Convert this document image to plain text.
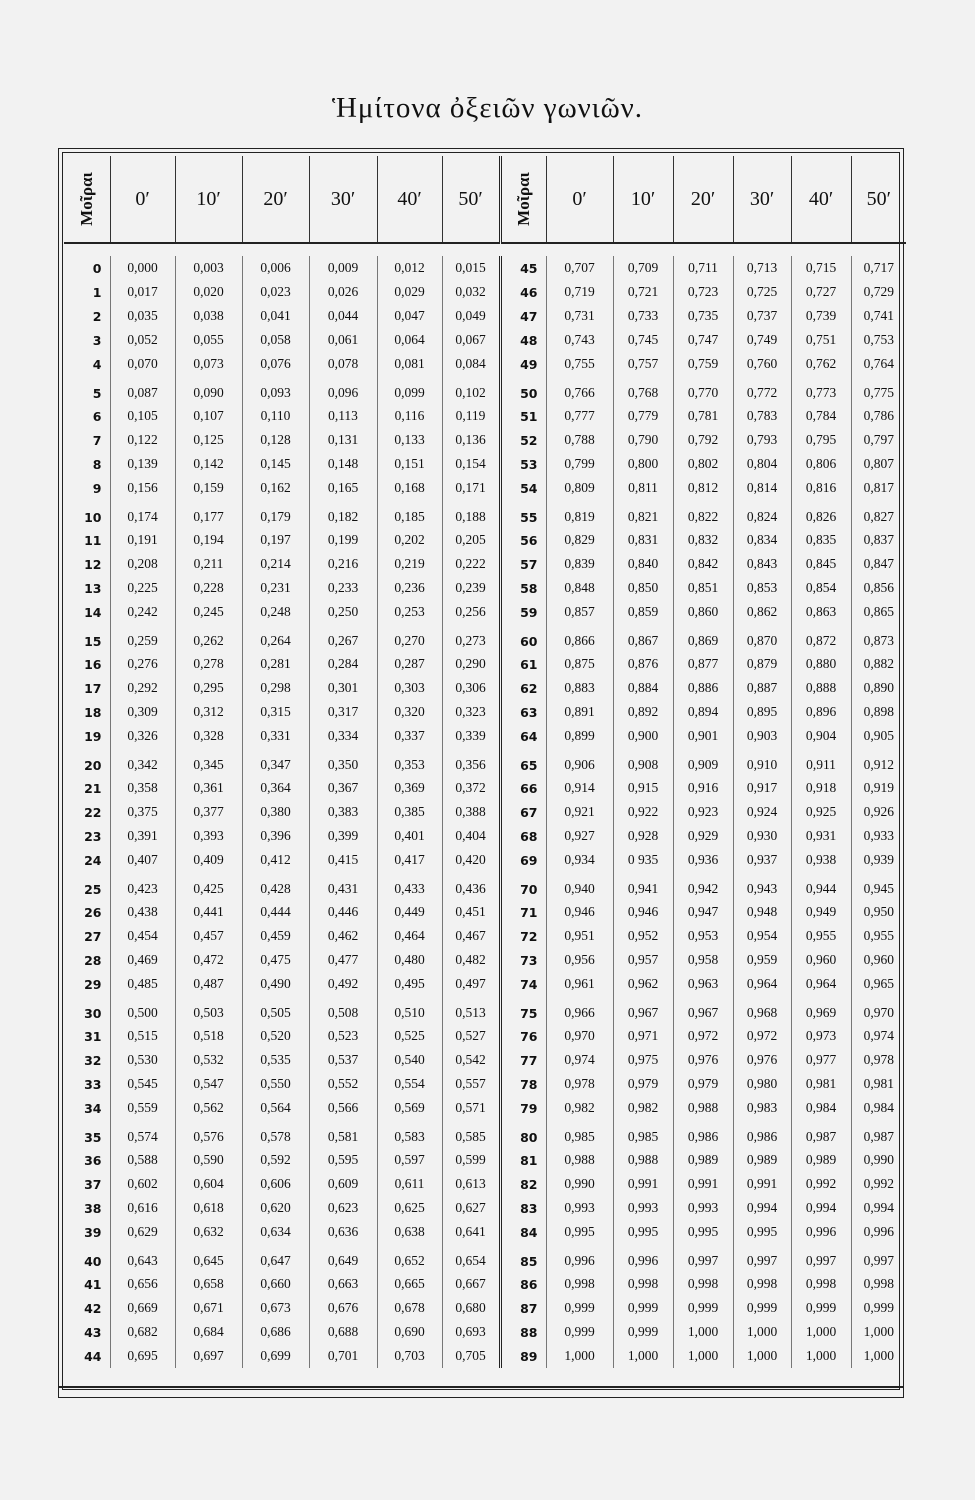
Ἡμίτονα ὀξειῶν γωνιῶν.
Μοῖραι	0′	10′	20′	30′	40′	50′	Μοῖραι	0′	10′	20′	30′	40′	50′

0	0,000	0,003	0,006	0,009	0,012	0,015	45	0,707	0,709	0,711	0,713	0,715	0,717
1	0,017	0,020	0,023	0,026	0,029	0,032	46	0,719	0,721	0,723	0,725	0,727	0,729
2	0,035	0,038	0,041	0,044	0,047	0,049	47	0,731	0,733	0,735	0,737	0,739	0,741
3	0,052	0,055	0,058	0,061	0,064	0,067	48	0,743	0,745	0,747	0,749	0,751	0,753
4	0,070	0,073	0,076	0,078	0,081	0,084	49	0,755	0,757	0,759	0,760	0,762	0,764
5	0,087	0,090	0,093	0,096	0,099	0,102	50	0,766	0,768	0,770	0,772	0,773	0,775
6	0,105	0,107	0,110	0,113	0,116	0,119	51	0,777	0,779	0,781	0,783	0,784	0,786
7	0,122	0,125	0,128	0,131	0,133	0,136	52	0,788	0,790	0,792	0,793	0,795	0,797
8	0,139	0,142	0,145	0,148	0,151	0,154	53	0,799	0,800	0,802	0,804	0,806	0,807
9	0,156	0,159	0,162	0,165	0,168	0,171	54	0,809	0,811	0,812	0,814	0,816	0,817
10	0,174	0,177	0,179	0,182	0,185	0,188	55	0,819	0,821	0,822	0,824	0,826	0,827
11	0,191	0,194	0,197	0,199	0,202	0,205	56	0,829	0,831	0,832	0,834	0,835	0,837
12	0,208	0,211	0,214	0,216	0,219	0,222	57	0,839	0,840	0,842	0,843	0,845	0,847
13	0,225	0,228	0,231	0,233	0,236	0,239	58	0,848	0,850	0,851	0,853	0,854	0,856
14	0,242	0,245	0,248	0,250	0,253	0,256	59	0,857	0,859	0,860	0,862	0,863	0,865
15	0,259	0,262	0,264	0,267	0,270	0,273	60	0,866	0,867	0,869	0,870	0,872	0,873
16	0,276	0,278	0,281	0,284	0,287	0,290	61	0,875	0,876	0,877	0,879	0,880	0,882
17	0,292	0,295	0,298	0,301	0,303	0,306	62	0,883	0,884	0,886	0,887	0,888	0,890
18	0,309	0,312	0,315	0,317	0,320	0,323	63	0,891	0,892	0,894	0,895	0,896	0,898
19	0,326	0,328	0,331	0,334	0,337	0,339	64	0,899	0,900	0,901	0,903	0,904	0,905
20	0,342	0,345	0,347	0,350	0,353	0,356	65	0,906	0,908	0,909	0,910	0,911	0,912
21	0,358	0,361	0,364	0,367	0,369	0,372	66	0,914	0,915	0,916	0,917	0,918	0,919
22	0,375	0,377	0,380	0,383	0,385	0,388	67	0,921	0,922	0,923	0,924	0,925	0,926
23	0,391	0,393	0,396	0,399	0,401	0,404	68	0,927	0,928	0,929	0,930	0,931	0,933
24	0,407	0,409	0,412	0,415	0,417	0,420	69	0,934	0 935	0,936	0,937	0,938	0,939
25	0,423	0,425	0,428	0,431	0,433	0,436	70	0,940	0,941	0,942	0,943	0,944	0,945
26	0,438	0,441	0,444	0,446	0,449	0,451	71	0,946	0,946	0,947	0,948	0,949	0,950
27	0,454	0,457	0,459	0,462	0,464	0,467	72	0,951	0,952	0,953	0,954	0,955	0,955
28	0,469	0,472	0,475	0,477	0,480	0,482	73	0,956	0,957	0,958	0,959	0,960	0,960
29	0,485	0,487	0,490	0,492	0,495	0,497	74	0,961	0,962	0,963	0,964	0,964	0,965
30	0,500	0,503	0,505	0,508	0,510	0,513	75	0,966	0,967	0,967	0,968	0,969	0,970
31	0,515	0,518	0,520	0,523	0,525	0,527	76	0,970	0,971	0,972	0,972	0,973	0,974
32	0,530	0,532	0,535	0,537	0,540	0,542	77	0,974	0,975	0,976	0,976	0,977	0,978
33	0,545	0,547	0,550	0,552	0,554	0,557	78	0,978	0,979	0,979	0,980	0,981	0,981
34	0,559	0,562	0,564	0,566	0,569	0,571	79	0,982	0,982	0,988	0,983	0,984	0,984
35	0,574	0,576	0,578	0,581	0,583	0,585	80	0,985	0,985	0,986	0,986	0,987	0,987
36	0,588	0,590	0,592	0,595	0,597	0,599	81	0,988	0,988	0,989	0,989	0,989	0,990
37	0,602	0,604	0,606	0,609	0,611	0,613	82	0,990	0,991	0,991	0,991	0,992	0,992
38	0,616	0,618	0,620	0,623	0,625	0,627	83	0,993	0,993	0,993	0,994	0,994	0,994
39	0,629	0,632	0,634	0,636	0,638	0,641	84	0,995	0,995	0,995	0,995	0,996	0,996
40	0,643	0,645	0,647	0,649	0,652	0,654	85	0,996	0,996	0,997	0,997	0,997	0,997
41	0,656	0,658	0,660	0,663	0,665	0,667	86	0,998	0,998	0,998	0,998	0,998	0,998
42	0,669	0,671	0,673	0,676	0,678	0,680	87	0,999	0,999	0,999	0,999	0,999	0,999
43	0,682	0,684	0,686	0,688	0,690	0,693	88	0,999	0,999	1,000	1,000	1,000	1,000
44	0,695	0,697	0,699	0,701	0,703	0,705	89	1,000	1,000	1,000	1,000	1,000	1,000
